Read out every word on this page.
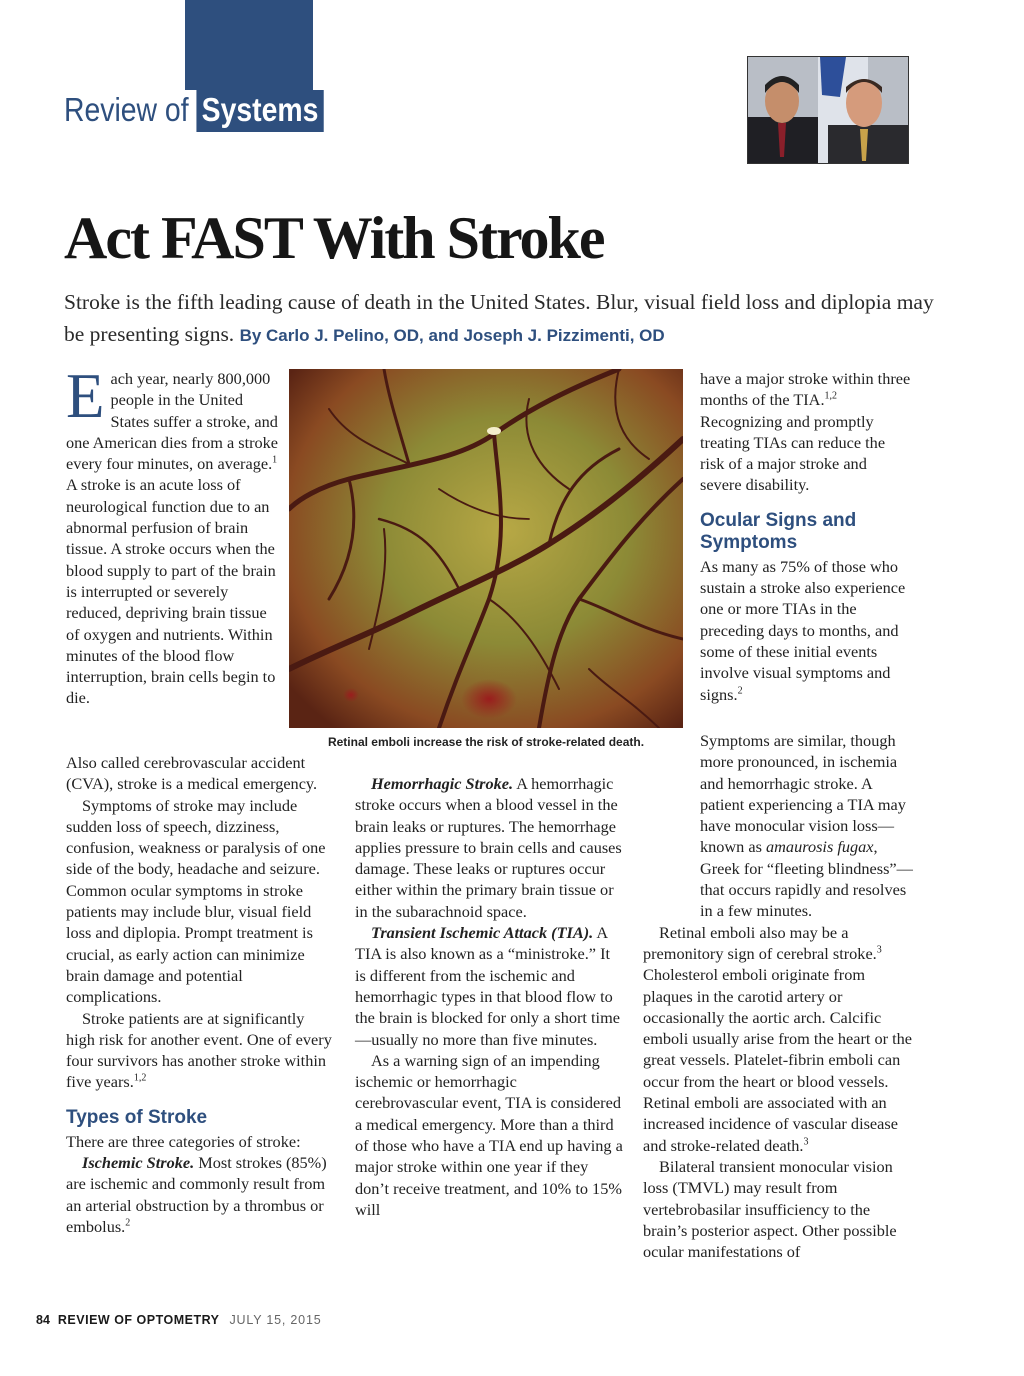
Review of Systems
Act FAST With Stroke
Stroke is the fifth leading cause of death in the United States. Blur, visual field loss and diplopia may be presenting signs. By Carlo J. Pelino, OD, and Joseph J. Pizzimenti, OD

Each year, nearly 800,000 people in the United States suffer a stroke, and one American dies from a stroke every four minutes, on average.$^1$ A stroke is an acute loss of neurological function due to an abnormal perfusion of brain tissue. A stroke occurs when the blood supply to part of the brain is interrupted or severely reduced, depriving brain tissue of oxygen and nutrients. Within minutes of the blood flow interruption, brain cells begin to die.

Retinal emboli increase the risk of stroke-related death.

Also called cerebrovascular accident (CVA), stroke is a medical emergency.

Symptoms of stroke may include sudden loss of speech, dizziness, confusion, weakness or paralysis of one side of the body, headache and seizure. Common ocular symptoms in stroke patients may include blur, visual field loss and diplopia. Prompt treatment is crucial, as early action can minimize brain damage and potential complications.

Stroke patients are at significantly high risk for another event. One of every four survivors has another stroke within five years.$^{1,2}$

Types of Stroke

There are three categories of stroke:

Ischemic Stroke. Most strokes (85%) are ischemic and commonly result from an arterial obstruction by a thrombus or embolus.$^2$

Hemorrhagic Stroke. A hemorrhagic stroke occurs when a blood vessel in the brain leaks or ruptures. The hemorrhage applies pressure to brain cells and causes damage. These leaks or ruptures occur either within the primary brain tissue or in the subarachnoid space.

Transient Ischemic Attack (TIA). A TIA is also known as a “ministroke.” It is different from the ischemic and hemorrhagic types in that blood flow to the brain is blocked for only a short time—usually no more than five minutes.

As a warning sign of an impending ischemic or hemorrhagic cerebrovascular event, TIA is considered a medical emergency. More than a third of those who have a TIA end up having a major stroke within one year if they don’t receive treatment, and 10% to 15% will

have a major stroke within three months of the TIA.$^{1,2}$ Recognizing and promptly treating TIAs can reduce the risk of a major stroke and severe disability.

Ocular Signs and Symptoms

As many as 75% of those who sustain a stroke also experience one or more TIAs in the preceding days to months, and some of these initial events involve visual symptoms and signs.$^2$

Symptoms are similar, though more pronounced, in ischemia and hemorrhagic stroke. A patient experiencing a TIA may have monocular vision loss—known as amaurosis fugax, Greek for “fleeting blindness”—that occurs rapidly and resolves in a few minutes.

Retinal emboli also may be a premonitory sign of cerebral stroke.$^3$ Cholesterol emboli originate from plaques in the carotid artery or occasionally the aortic arch. Calcific emboli usually arise from the heart or the great vessels. Platelet-fibrin emboli can occur from the heart or blood vessels. Retinal emboli are associated with an increased incidence of vascular disease and stroke-related death.$^3$

Bilateral transient monocular vision loss (TMVL) may result from vertebrobasilar insufficiency to the brain’s posterior aspect. Other possible ocular manifestations of

84 REVIEW OF OPTOMETRY JULY 15, 2015
